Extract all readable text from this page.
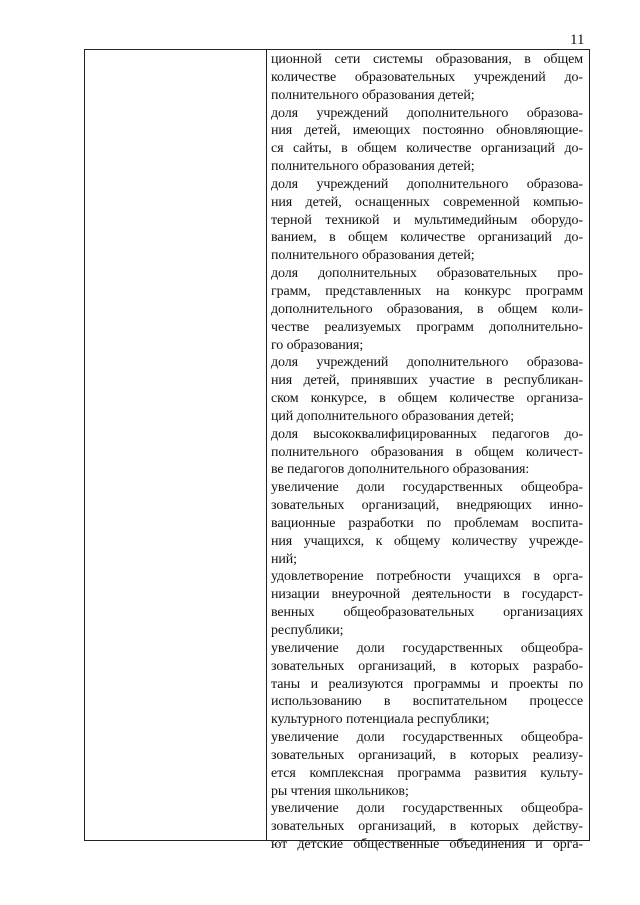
11
ционной сети системы образования, в общем
количестве образовательных учреждений до-
полнительного образования детей;
доля учреждений дополнительного образова-
ния детей, имеющих постоянно обновляющие-
ся сайты, в общем количестве организаций до-
полнительного образования детей;
доля учреждений дополнительного образова-
ния детей, оснащенных современной компью-
терной техникой и мультимедийным оборудо-
ванием, в общем количестве организаций до-
полнительного образования детей;
доля дополнительных образовательных про-
грамм, представленных на конкурс программ
дополнительного образования, в общем коли-
честве реализуемых программ дополнительно-
го образования;
доля учреждений дополнительного образова-
ния детей, принявших участие в республикан-
ском конкурсе, в общем количестве организа-
ций дополнительного образования детей;
доля высококвалифицированных педагогов до-
полнительного образования в общем количест-
ве педагогов дополнительного образования:
увеличение доли государственных общеобра-
зовательных организаций, внедряющих инно-
вационные разработки по проблемам воспита-
ния учащихся, к общему количеству учрежде-
ний;
удовлетворение потребности учащихся в орга-
низации внеурочной деятельности в государст-
венных общеобразовательных организациях
республики;
увеличение доли государственных общеобра-
зовательных организаций, в которых разрабо-
таны и реализуются программы и проекты по
использованию в воспитательном процессе
культурного потенциала республики;
увеличение доли государственных общеобра-
зовательных организаций, в которых реализу-
ется комплексная программа развития культу-
ры чтения школьников;
увеличение доли государственных общеобра-
зовательных организаций, в которых действу-
ют детские общественные объединения и орга-
